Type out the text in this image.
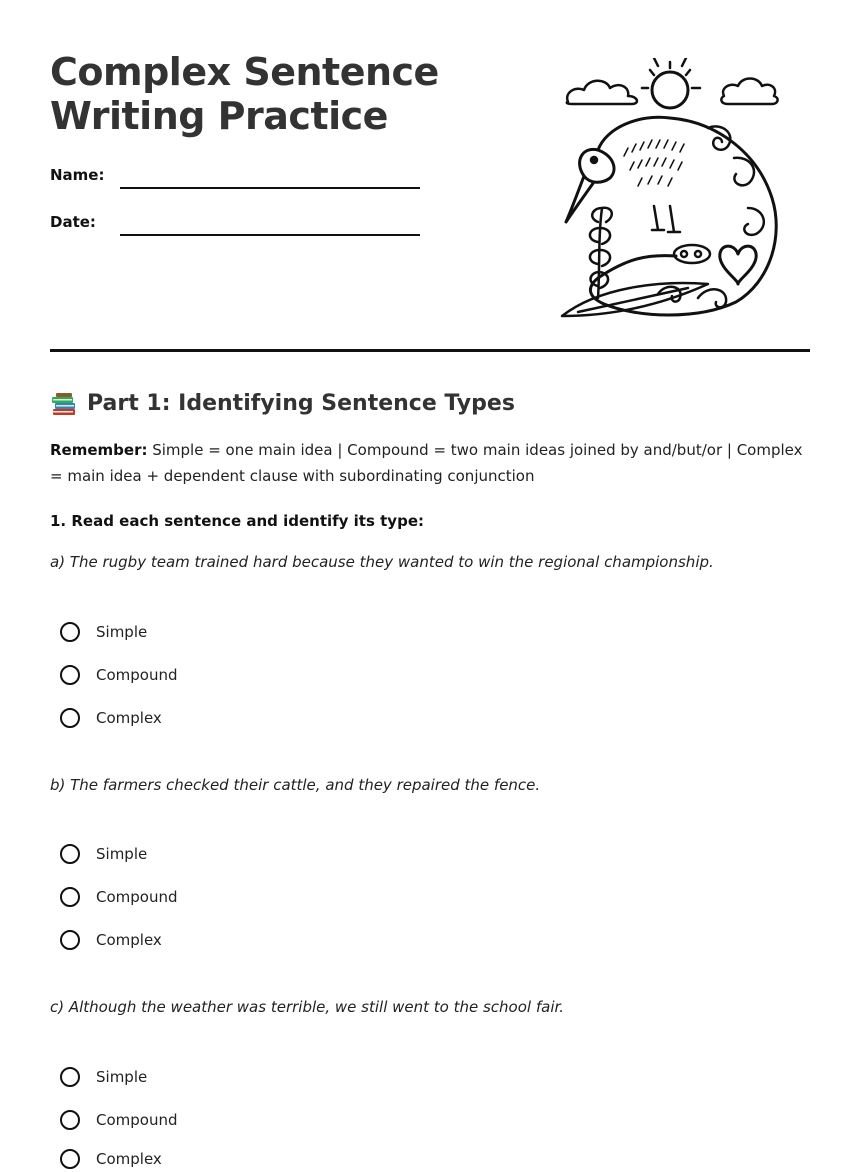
Complex Sentence
Writing Practice
Name:
Date:
Part 1: Identifying Sentence Types

Remember: Simple = one main idea | Compound = two main ideas joined by and/but/or | Complex = main idea + dependent clause with subordinating conjunction

1. Read each sentence and identify its type:

a) The rugby team trained hard because they wanted to win the regional championship.

Simple
Compound
Complex

b) The farmers checked their cattle, and they repaired the fence.

Simple
Compound
Complex

c) Although the weather was terrible, we still went to the school fair.

Simple
Compound
Complex
